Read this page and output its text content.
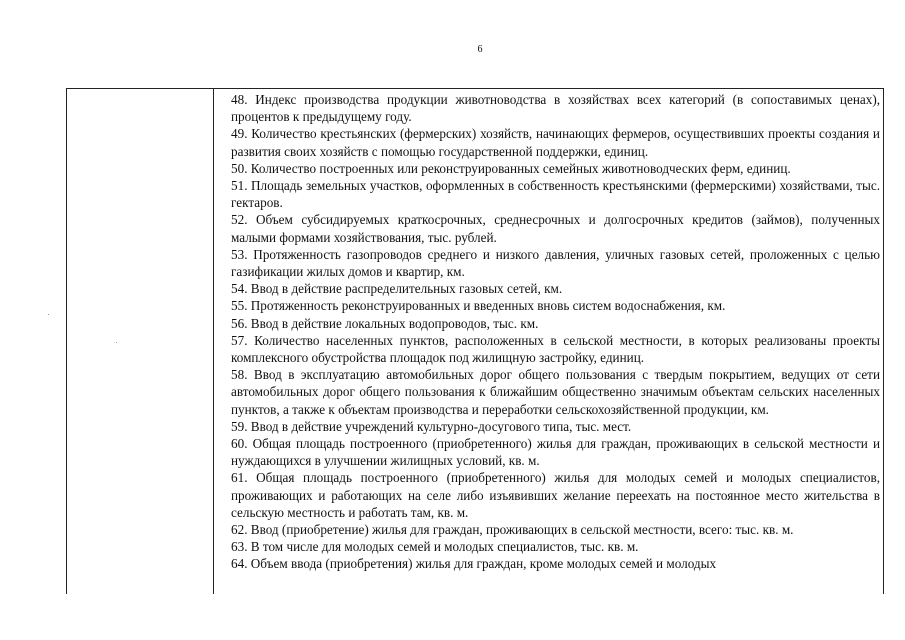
6

48. Индекс производства продукции животноводства в хозяйствах всех категорий (в сопоставимых ценах), процентов к предыдущему году.

49. Количество крестьянских (фермерских) хозяйств, начинающих фермеров, осуществивших проекты создания и развития своих хозяйств с помощью государственной поддержки, единиц.

50. Количество построенных или реконструированных семейных животноводческих ферм, единиц.

51. Площадь земельных участков, оформленных в собственность крестьянскими (фермерскими) хозяйствами, тыс. гектаров.

52. Объем субсидируемых краткосрочных, среднесрочных и долгосрочных кредитов (займов), полученных малыми формами хозяйствования, тыс. рублей.

53. Протяженность газопроводов среднего и низкого давления, уличных газовых сетей, проложенных с целью газификации жилых домов и квартир, км.

54. Ввод в действие распределительных газовых сетей, км.

55. Протяженность реконструированных и введенных вновь систем водоснабжения, км.

56. Ввод в действие локальных водопроводов, тыс. км.

57. Количество населенных пунктов, расположенных в сельской местности, в которых реализованы проекты комплексного обустройства площадок под жилищную застройку, единиц.

58. Ввод в эксплуатацию автомобильных дорог общего пользования с твердым покрытием, ведущих от сети автомобильных дорог общего пользования к ближайшим общественно значимым объектам сельских населенных пунктов, а также к объектам производства и переработки сельскохозяйственной продукции, км.

59. Ввод в действие учреждений культурно-досугового типа, тыс. мест.

60. Общая площадь построенного (приобретенного) жилья для граждан, проживающих в сельской местности и нуждающихся в улучшении жилищных условий, кв. м.

61. Общая площадь построенного (приобретенного) жилья для молодых семей и молодых специалистов, проживающих и работающих на селе либо изъявивших желание переехать на постоянное место жительства в сельскую местность и работать там, кв. м.

62. Ввод (приобретение) жилья для граждан, проживающих в сельской местности, всего: тыс. кв. м.

63. В том числе для молодых семей и молодых специалистов, тыс. кв. м.

64. Объем ввода (приобретения) жилья для граждан, кроме молодых семей и молодых
